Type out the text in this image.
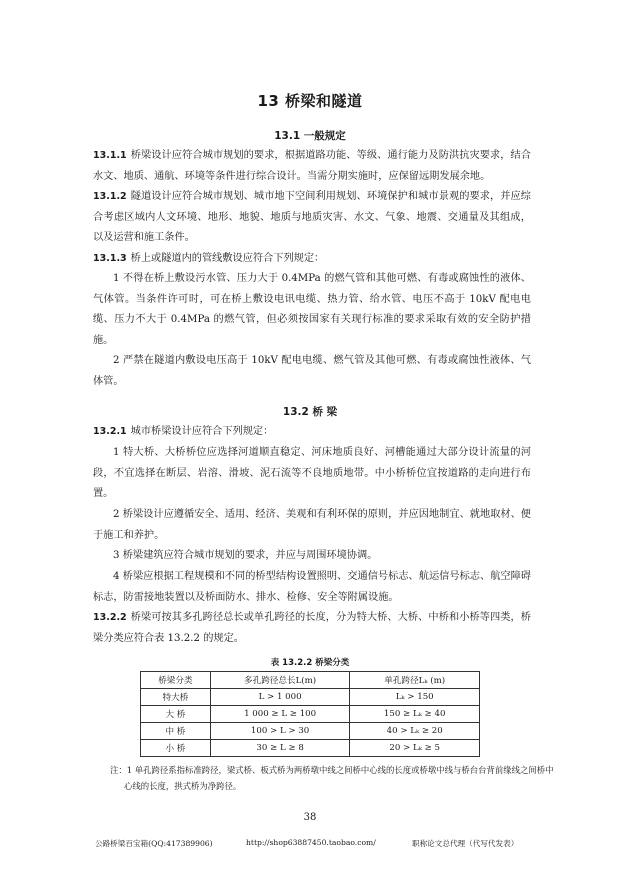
13 桥梁和隧道
13.1 一般规定
13.1.1 桥梁设计应符合城市规划的要求，根据道路功能、等级、通行能力及防洪抗灾要求，结合水文、地质、通航、环境等条件进行综合设计。当需分期实施时，应保留远期发展余地。
13.1.2 隧道设计应符合城市规划、城市地下空间利用规划、环境保护和城市景观的要求，并应综合考虑区域内人文环境、地形、地貌、地质与地质灾害、水文、气象、地震、交通量及其组成，以及运营和施工条件。
13.1.3 桥上或隧道内的管线敷设应符合下列规定：
1 不得在桥上敷设污水管、压力大于 0.4MPa 的燃气管和其他可燃、有毒或腐蚀性的液体、气体管。当条件许可时，可在桥上敷设电讯电缆、热力管、给水管、电压不高于 10kV 配电电缆、压力不大于 0.4MPa 的燃气管，但必须按国家有关现行标准的要求采取有效的安全防护措施。
2 严禁在隧道内敷设电压高于 10kV 配电电缆、燃气管及其他可燃、有毒或腐蚀性液体、气体管。
13.2 桥 梁
13.2.1 城市桥梁设计应符合下列规定：
1 特大桥、大桥桥位应选择河道顺直稳定、河床地质良好、河槽能通过大部分设计流量的河段，不宜选择在断层、岩溶、滑坡、泥石流等不良地质地带。中小桥桥位宜按道路的走向进行布置。
2 桥梁设计应遵循安全、适用、经济、美观和有利环保的原则，并应因地制宜、就地取材、便于施工和养护。
3 桥梁建筑应符合城市规划的要求，并应与周围环境协调。
4 桥梁应根据工程规模和不同的桥型结构设置照明、交通信号标志、航运信号标志、航空障碍标志，防雷接地装置以及桥面防水、排水、检修、安全等附属设施。
13.2.2 桥梁可按其多孔跨径总长或单孔跨径的长度，分为特大桥、大桥、中桥和小桥等四类，桥梁分类应符合表 13.2.2 的规定。
表 13.2.2 桥梁分类
桥梁分类	多孔跨径总长L(m)	单孔跨径Lₖ (m)
特大桥	L > 1 000	Lₖ > 150
大 桥	1 000 ≥ L ≥ 100	150 ≥ Lₖ ≥ 40
中 桥	100 > L > 30	40 > Lₖ ≥ 20
小 桥	30 ≥ L ≥ 8	20 > Lₖ ≥ 5
注：1 单孔跨径系指标准跨径，梁式桥、板式桥为两桥墩中线之间桥中心线的长度或桥墩中线与桥台台背前缘线之间桥中心线的长度，拱式桥为净跨径。
38
公路桥梁百宝箱(QQ:417389906)	http://shop63887450.taobao.com/	职称论文总代理（代写代发表）
